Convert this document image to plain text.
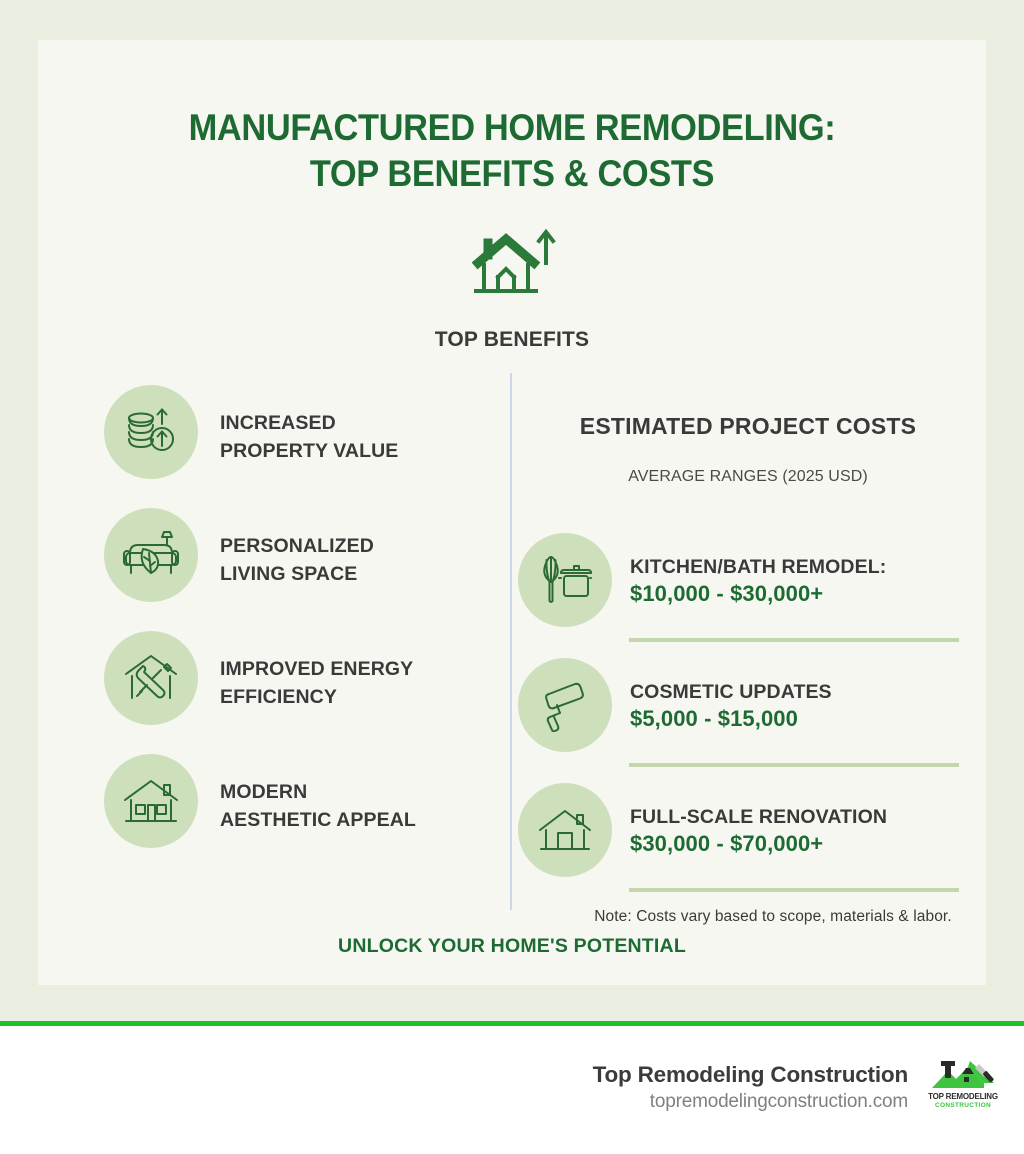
MANUFACTURED HOME REMODELING:
TOP BENEFITS & COSTS
TOP BENEFITS
INCREASED
PROPERTY VALUE
PERSONALIZED
LIVING SPACE
IMPROVED ENERGY
EFFICIENCY
MODERN
AESTHETIC APPEAL
ESTIMATED PROJECT COSTS
AVERAGE RANGES (2025 USD)
KITCHEN/BATH REMODEL:
$10,000 - $30,000+
COSMETIC UPDATES
$5,000 - $15,000
FULL-SCALE RENOVATION
$30,000 - $70,000+
Note: Costs vary based to scope, materials & labor.
UNLOCK YOUR HOME'S POTENTIAL
Top Remodeling Construction
topremodelingconstruction.com	TOP REMODELING
CONSTRUCTION
